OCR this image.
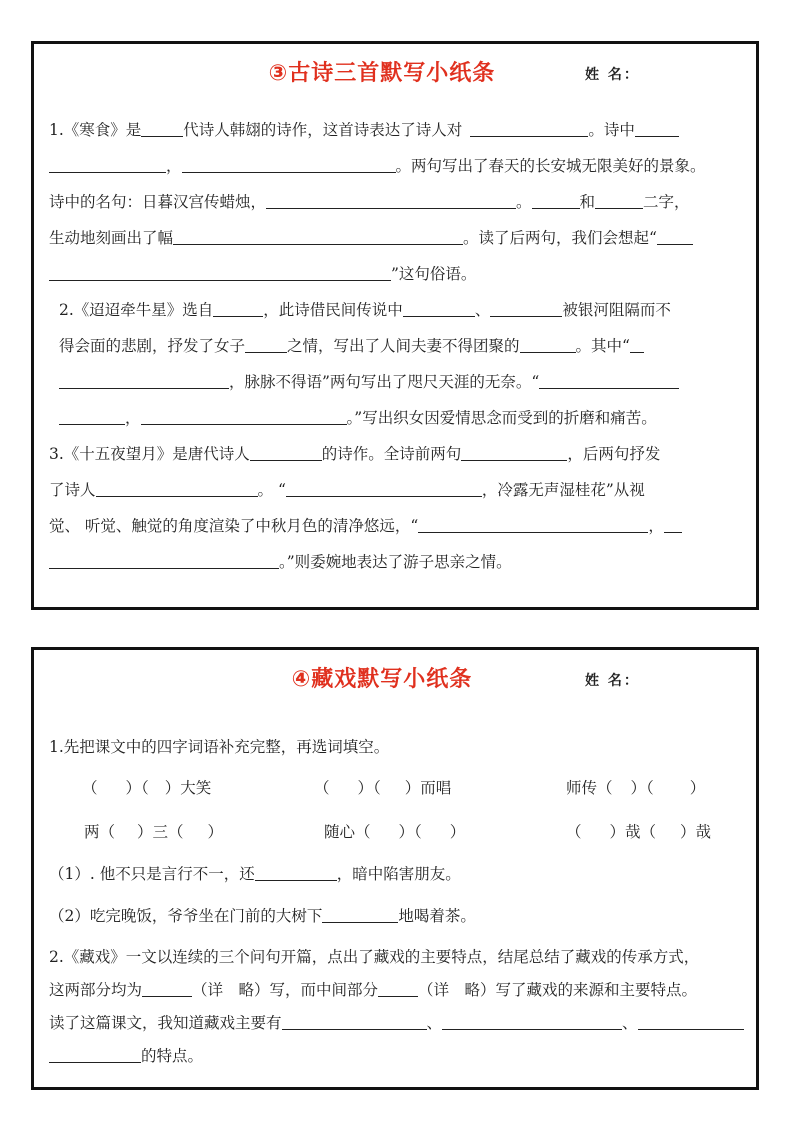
③古诗三首默写小纸条	姓 名：
1.《寒食》是	代诗人韩翃的诗作，这首诗表达了诗人对	。诗中
，	。两句写出了春天的长安城无限美好的景象。
诗中的名句：日暮汉宫传蜡烛，	。	和	二字，
生动地刻画出了幅	。读了后两句，我们会想起“
”这句俗语。
2.《迢迢牵牛星》选自	，此诗借民间传说中	、	被银河阻隔而不
得会面的悲剧，抒发了女子	之情，写出了人间夫妻不得团聚的	。其中“
，脉脉不得语”两句写出了咫尺天涯的无奈。“
，	。”写出织女因爱情思念而受到的折磨和痛苦。
3.《十五夜望月》是唐代诗人	的诗作。全诗前两句	，后两句抒发
了诗人	。 “	，冷露无声湿桂花”从视
觉、 听觉、触觉的角度渲染了中秋月色的清净悠远，“	，
。”则委婉地表达了游子思亲之情。
④藏戏默写小纸条	姓 名：
1.先把课文中的四字词语补充完整，再选词填空。
（ ）（ ）大笑	（ ）（ ）而唱	师传（ ）（ ）
两（ ）三（ ）	随心（ ）（ ）	（ ）哉（ ）哉
（1）. 他不只是言行不一，还	，暗中陷害朋友。
（2）吃完晚饭，爷爷坐在门前的大树下	地喝着茶。
2.《藏戏》一文以连续的三个问句开篇，点出了藏戏的主要特点，结尾总结了藏戏的传承方式，
这两部分均为	（详　略）写，而中间部分	（详　略）写了藏戏的来源和主要特点。
读了这篇课文，我知道藏戏主要有	、	、
的特点。
